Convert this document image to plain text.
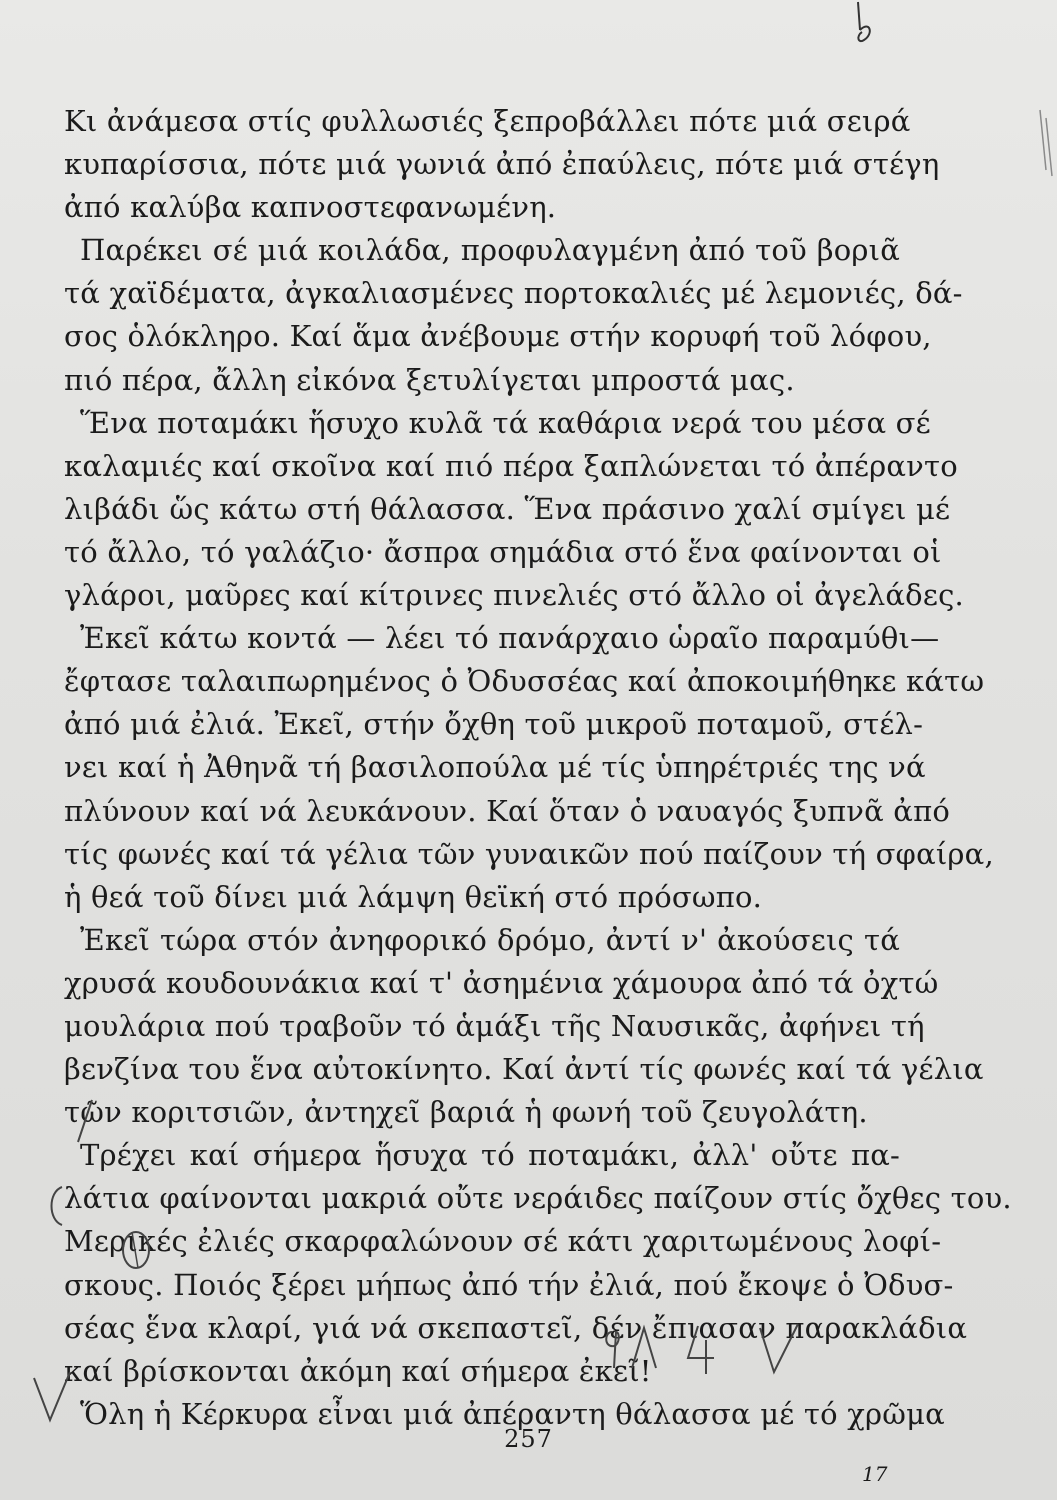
Κι ἀνάμεσα στίς φυλλωσιές ξεπροβάλλει πότε μιά σειρά
κυπαρίσσια, πότε μιά γωνιά ἀπό ἐπαύλεις, πότε μιά στέγη
ἀπό καλύβα καπνοστεφανωμένη.
Παρέκει σέ μιά κοιλάδα, προφυλαγμένη ἀπό τοῦ βοριᾶ
τά χαϊδέματα, ἀγκαλιασμένες πορτοκαλιές μέ λεμονιές, δά-
σος ὁλόκληρο. Καί ἅμα ἀνέβουμε στήν κορυφή τοῦ λόφου,
πιό πέρα, ἄλλη εἰκόνα ξετυλίγεται μπροστά μας.
Ἕνα ποταμάκι ἥσυχο κυλᾶ τά καθάρια νερά του μέσα σέ
καλαμιές καί σκοῖνα καί πιό πέρα ξαπλώνεται τό ἀπέραντο
λιβάδι ὥς κάτω στή θάλασσα. Ἕνα πράσινο χαλί σμίγει μέ
τό ἄλλο, τό γαλάζιο· ἄσπρα σημάδια στό ἕνα φαίνονται οἱ
γλάροι, μαῦρες καί κίτρινες πινελιές στό ἄλλο οἱ ἀγελάδες.
Ἐκεῖ κάτω κοντά — λέει τό πανάρχαιο ὡραῖο παραμύθι—
ἔφτασε ταλαιπωρημένος ὁ Ὀδυσσέας καί ἀποκοιμήθηκε κάτω
ἀπό μιά ἐλιά. Ἐκεῖ, στήν ὄχθη τοῦ μικροῦ ποταμοῦ, στέλ-
νει καί ἡ Ἀθηνᾶ τή βασιλοπούλα μέ τίς ὑπηρέτριές της νά
πλύνουν καί νά λευκάνουν. Καί ὅταν ὁ ναυαγός ξυπνᾶ ἀπό
τίς φωνές καί τά γέλια τῶν γυναικῶν πού παίζουν τή σφαίρα,
ἡ θεά τοῦ δίνει μιά λάμψη θεϊκή στό πρόσωπο.
Ἐκεῖ τώρα στόν ἀνηφορικό δρόμο, ἀντί ν' ἀκούσεις τά
χρυσά κουδουνάκια καί τ' ἀσημένια χάμουρα ἀπό τά ὀχτώ
μουλάρια πού τραβοῦν τό ἁμάξι τῆς Ναυσικᾶς, ἀφήνει τή
βενζίνα του ἕνα αὐτοκίνητο. Καί ἀντί τίς φωνές καί τά γέλια
τῶν κοριτσιῶν, ἀντηχεῖ βαριά ἡ φωνή τοῦ ζευγολάτη.
Τρέχει καί σήμερα ἥσυχα τό ποταμάκι, ἀλλ' οὔτε πα-
λάτια φαίνονται μακριά οὔτε νεράιδες παίζουν στίς ὄχθες του.
Μερικές ἐλιές σκαρφαλώνουν σέ κάτι χαριτωμένους λοφί-
σκους. Ποιός ξέρει μήπως ἀπό τήν ἐλιά, πού ἔκοψε ὁ Ὀδυσ-
σέας ἕνα κλαρί, γιά νά σκεπαστεῖ, δέν ἔπιασαν παρακλάδια
καί βρίσκονται ἀκόμη καί σήμερα ἐκεῖ!
Ὅλη ἡ Κέρκυρα εἶναι μιά ἀπέραντη θάλασσα μέ τό χρῶμα
257
17
